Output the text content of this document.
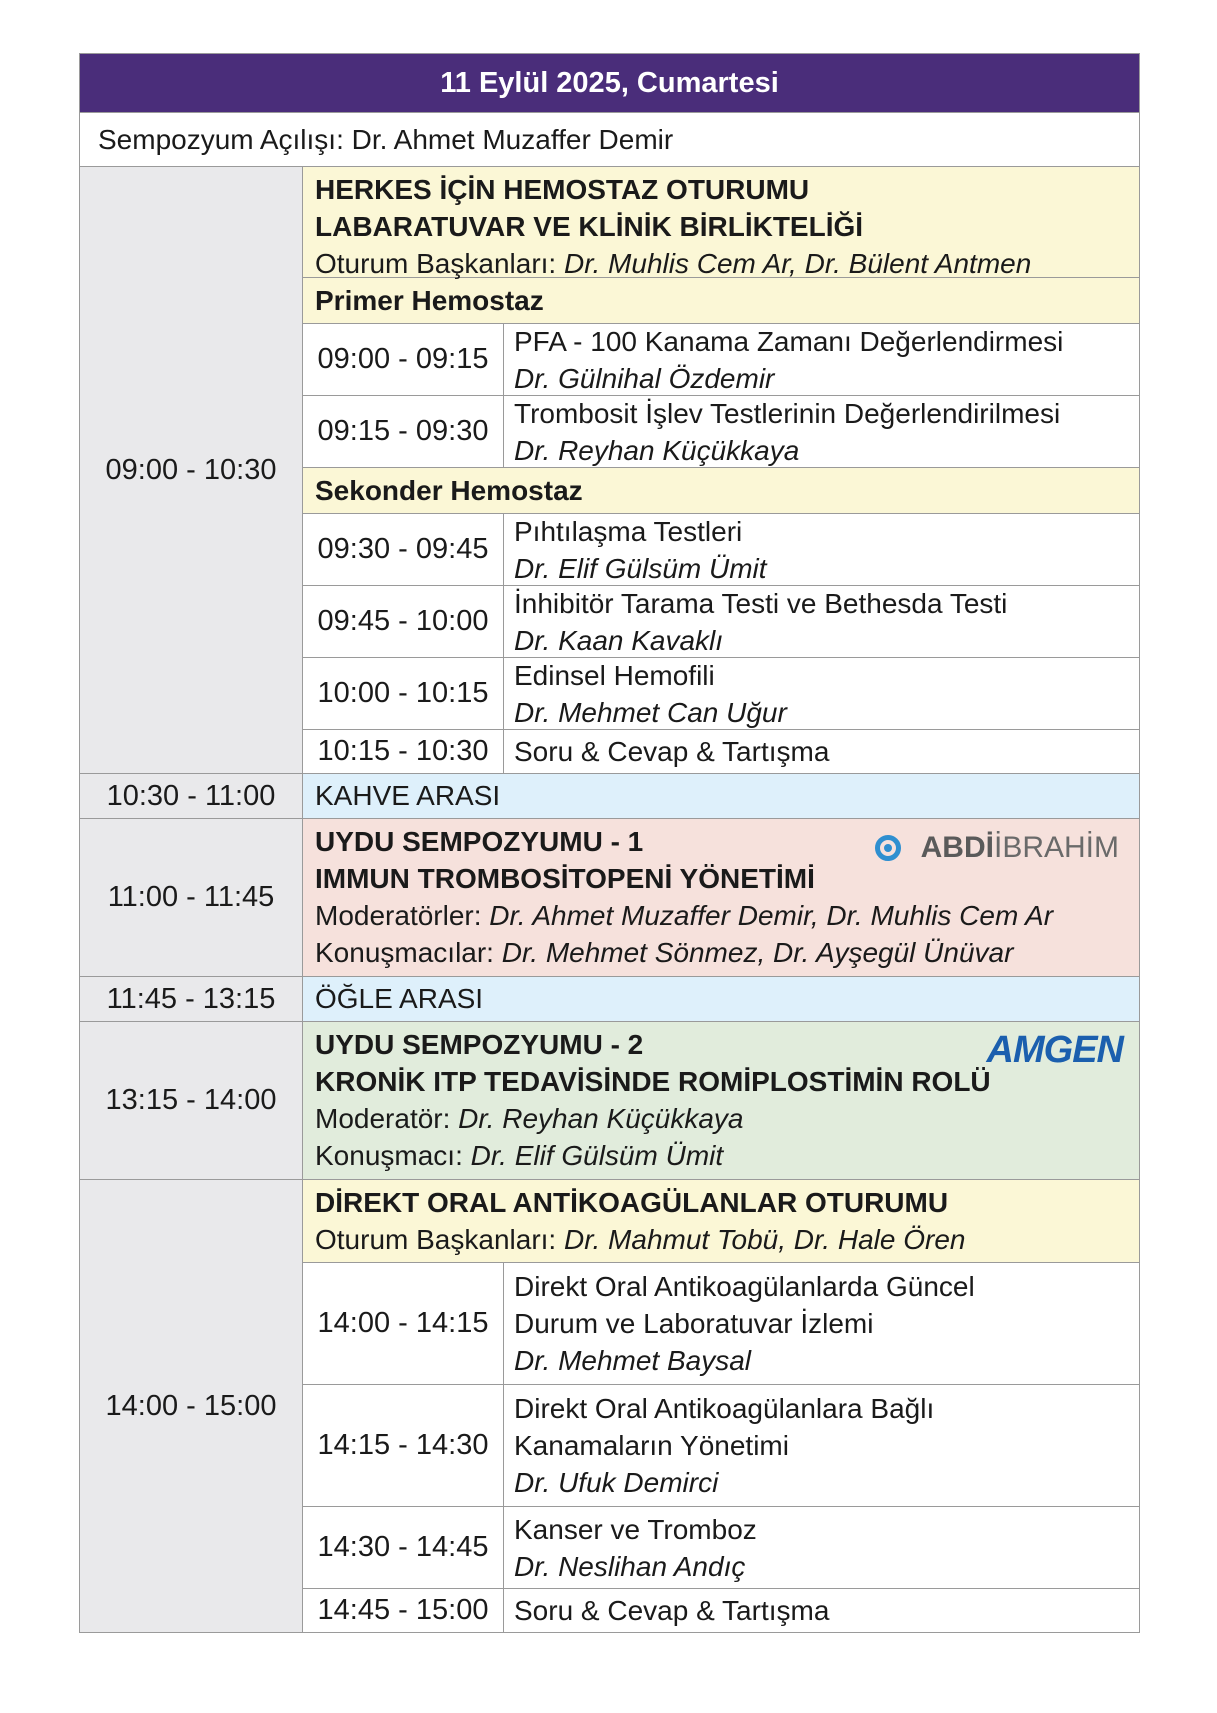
11 Eylül 2025, Cumartesi
Sempozyum Açılışı: Dr. Ahmet Muzaffer Demir
09:00 - 10:30
HERKES İÇİN HEMOSTAZ OTURUMU
LABARATUVAR VE KLİNİK BİRLİKTELİĞİ
Oturum Başkanları: Dr. Muhlis Cem Ar, Dr. Bülent Antmen
Primer Hemostaz
09:00 - 09:15
PFA - 100 Kanama Zamanı Değerlendirmesi
Dr. Gülnihal Özdemir
09:15 - 09:30
Trombosit İşlev Testlerinin Değerlendirilmesi
Dr. Reyhan Küçükkaya
Sekonder Hemostaz
09:30 - 09:45
Pıhtılaşma Testleri
Dr. Elif Gülsüm Ümit
09:45 - 10:00
İnhibitör Tarama Testi ve Bethesda Testi
Dr. Kaan Kavaklı
10:00 - 10:15
Edinsel Hemofili
Dr. Mehmet Can Uğur
10:15 - 10:30 Soru & Cevap & Tartışma
10:30 - 11:00	KAHVE ARASI
11:00 - 11:45
UYDU SEMPOZYUMU - 1
IMMUN TROMBOSİTOPENİ YÖNETİMİ
Moderatörler: Dr. Ahmet Muzaffer Demir, Dr. Muhlis Cem Ar
Konuşmacılar: Dr. Mehmet Sönmez, Dr. Ayşegül Ünüvar
ABDİİBRAHİM
11:45 - 13:15	ÖĞLE ARASI
13:15 - 14:00
UYDU SEMPOZYUMU - 2
KRONİK ITP TEDAVİSİNDE ROMİPLOSTİMİN ROLÜ
Moderatör: Dr. Reyhan Küçükkaya
Konuşmacı: Dr. Elif Gülsüm Ümit
AMGEN
14:00 - 15:00
DİREKT ORAL ANTİKOAGÜLANLAR OTURUMU
Oturum Başkanları: Dr. Mahmut Tobü, Dr. Hale Ören
14:00 - 14:15
Direkt Oral Antikoagülanlarda Güncel
Durum ve Laboratuvar İzlemi
Dr. Mehmet Baysal
14:15 - 14:30
Direkt Oral Antikoagülanlara Bağlı
Kanamaların Yönetimi
Dr. Ufuk Demirci
14:30 - 14:45
Kanser ve Tromboz
Dr. Neslihan Andıç
14:45 - 15:00 Soru & Cevap & Tartışma
